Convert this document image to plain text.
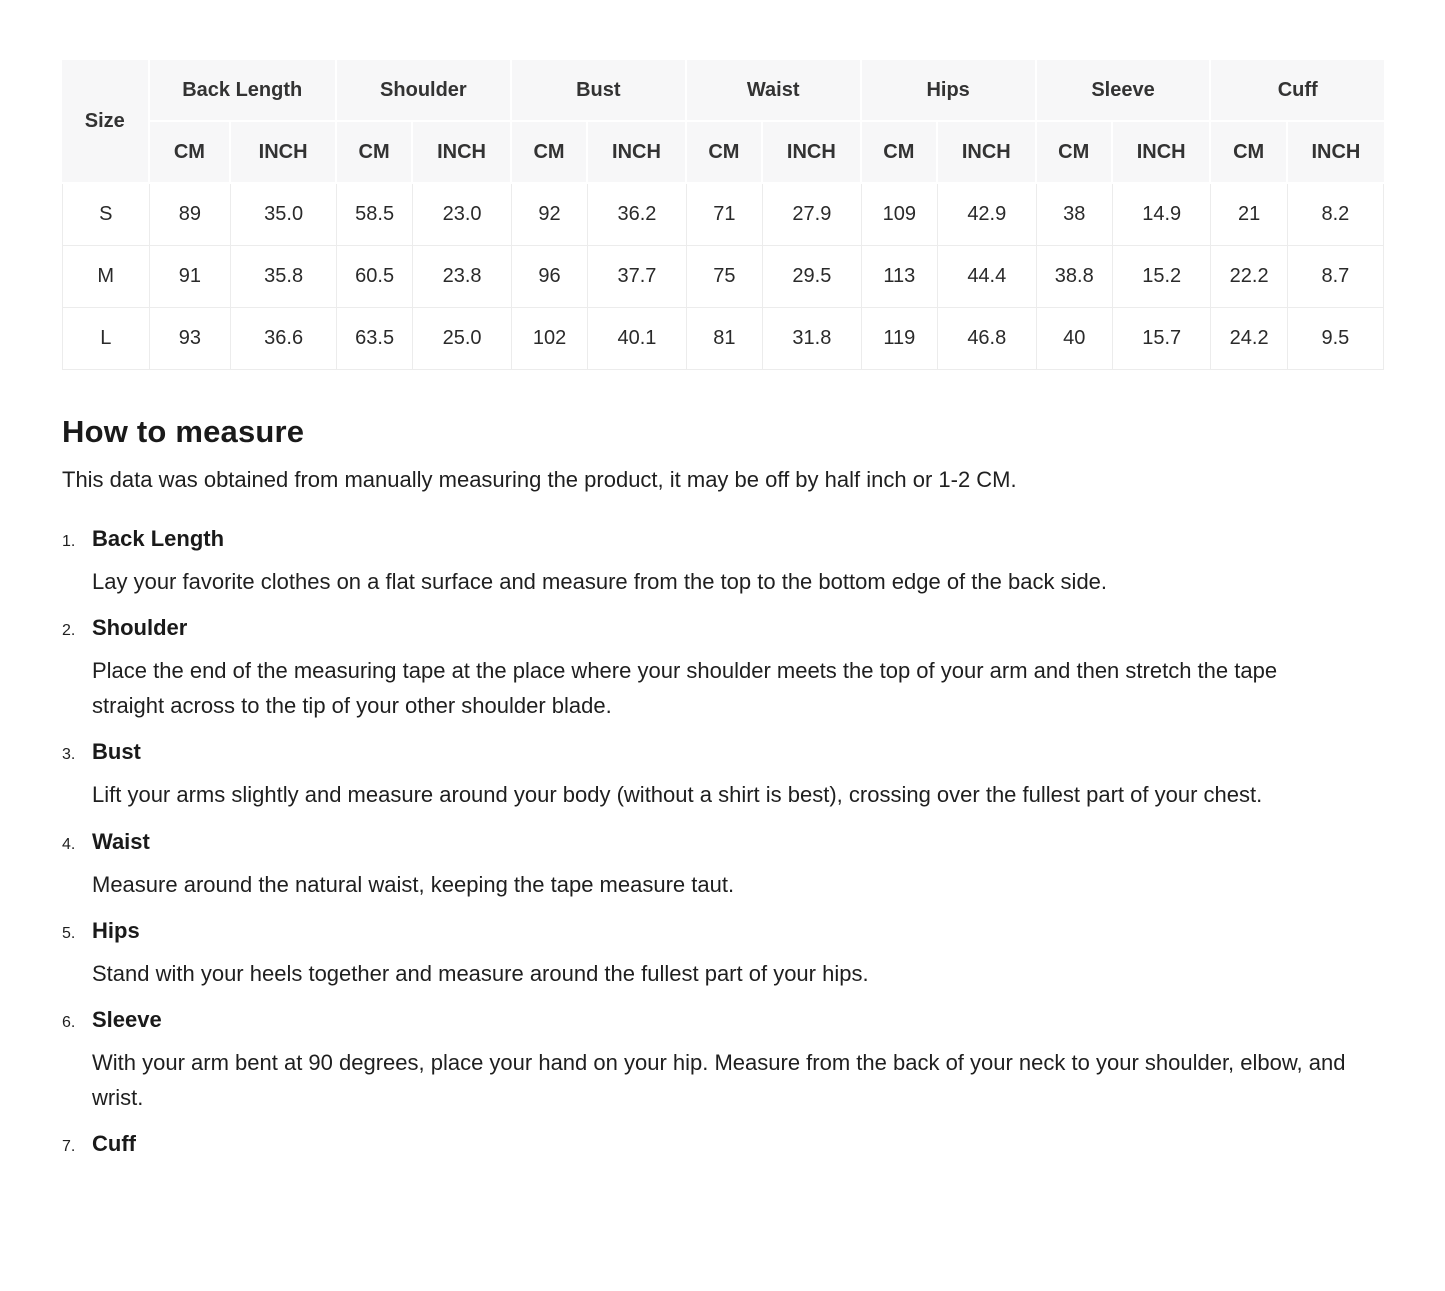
Size	Back Length		Shoulder		Bust		Waist		Hips		Sleeve		Cuff	
	CM	INCH	CM	INCH	CM	INCH	CM	INCH	CM	INCH	CM	INCH	CM	INCH
S	89	35.0	58.5	23.0	92	36.2	71	27.9	109	42.9	38	14.9	21	8.2
M	91	35.8	60.5	23.8	96	37.7	75	29.5	113	44.4	38.8	15.2	22.2	8.7
L	93	36.6	63.5	25.0	102	40.1	81	31.8	119	46.8	40	15.7	24.2	9.5
How to measure

This data was obtained from manually measuring the product, it may be off by half inch or 1-2 CM.

1. Back Length

Lay your favorite clothes on a flat surface and measure from the top to the bottom edge of the back side.

2. Shoulder

Place the end of the measuring tape at the place where your shoulder meets the top of your arm and then stretch the tape straight across to the tip of your other shoulder blade.

3. Bust

Lift your arms slightly and measure around your body (without a shirt is best), crossing over the fullest part of your chest.

4. Waist

Measure around the natural waist, keeping the tape measure taut.

5. Hips

Stand with your heels together and measure around the fullest part of your hips.

6. Sleeve

With your arm bent at 90 degrees, place your hand on your hip. Measure from the back of your neck to your shoulder, elbow, and wrist.

7. Cuff
